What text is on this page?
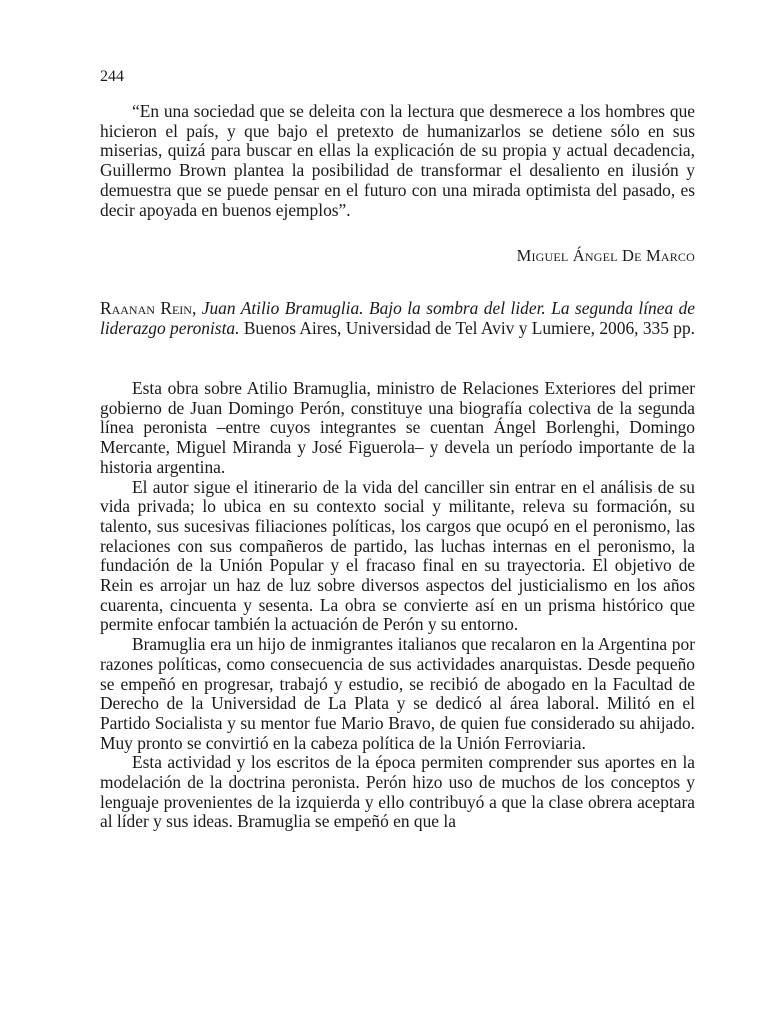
244

“En una sociedad que se deleita con la lectura que desmerece a los hombres que hicieron el país, y que bajo el pretexto de humanizarlos se detiene sólo en sus miserias, quizá para buscar en ellas la explicación de su propia y actual decadencia, Guillermo Brown plantea la posibilidad de transformar el desaliento en ilusión y demuestra que se puede pensar en el futuro con una mirada optimista del pasado, es decir apoyada en buenos ejemplos”.

Miguel Ángel De Marco

Raanan Rein, Juan Atilio Bramuglia. Bajo la sombra del lider. La segunda línea de liderazgo peronista. Buenos Aires, Universidad de Tel Aviv y Lumiere, 2006, 335 pp.

Esta obra sobre Atilio Bramuglia, ministro de Relaciones Exteriores del primer gobierno de Juan Domingo Perón, constituye una biografía colectiva de la segunda línea peronista –entre cuyos integrantes se cuentan Ángel Borlenghi, Domingo Mercante, Miguel Miranda y José Figuerola– y devela un período importante de la historia argentina.

El autor sigue el itinerario de la vida del canciller sin entrar en el análisis de su vida privada; lo ubica en su contexto social y militante, releva su formación, su talento, sus sucesivas filiaciones políticas, los cargos que ocupó en el peronismo, las relaciones con sus compañeros de partido, las luchas internas en el peronismo, la fundación de la Unión Popular y el fracaso final en su trayectoria. El objetivo de Rein es arrojar un haz de luz sobre diversos aspectos del justicialismo en los años cuarenta, cincuenta y sesenta. La obra se convierte así en un prisma histórico que permite enfocar también la actuación de Perón y su entorno.

Bramuglia era un hijo de inmigrantes italianos que recalaron en la Argentina por razones políticas, como consecuencia de sus actividades anarquistas. Desde pequeño se empeñó en progresar, trabajó y estudio, se recibió de abogado en la Facultad de Derecho de la Universidad de La Plata y se dedicó al área laboral. Militó en el Partido Socialista y su mentor fue Mario Bravo, de quien fue considerado su ahijado. Muy pronto se convirtió en la cabeza política de la Unión Ferroviaria.

Esta actividad y los escritos de la época permiten comprender sus aportes en la modelación de la doctrina peronista. Perón hizo uso de muchos de los conceptos y lenguaje provenientes de la izquierda y ello contribuyó a que la clase obrera aceptara al líder y sus ideas. Bramuglia se empeñó en que la
